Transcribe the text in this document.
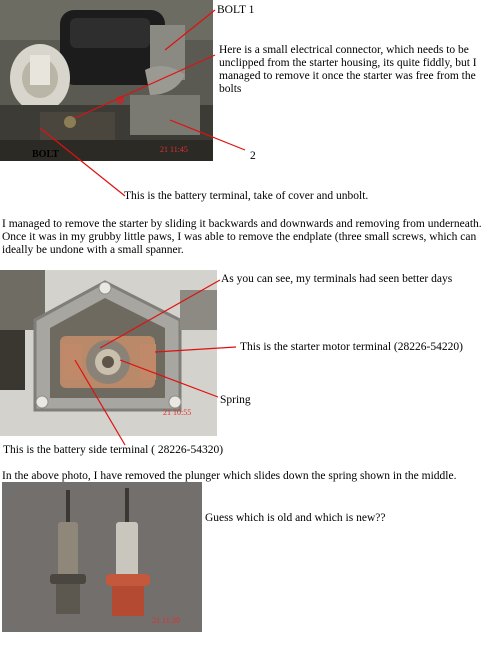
BOLT	21 11:45
BOLT 1
Here is a small electrical connector, which needs to be unclipped from the starter housing, its quite fiddly, but I managed to remove it once the starter was free from the bolts
2
This is the battery terminal, take of cover and unbolt.
I managed to remove the starter by sliding it backwards and downwards and removing from underneath. Once it was in my grubby little paws, I was able to remove the endplate (three small screws, which can ideally be undone with a small spanner.
21 10:55
As you can see, my terminals had seen better days
This is the starter motor terminal (28226-54220)
Spring
This is the battery side terminal ( 28226-54320)
In the above photo, I have removed the plunger which slides down the spring shown in the middle.
21 11:30
Guess which is old and which is new??
